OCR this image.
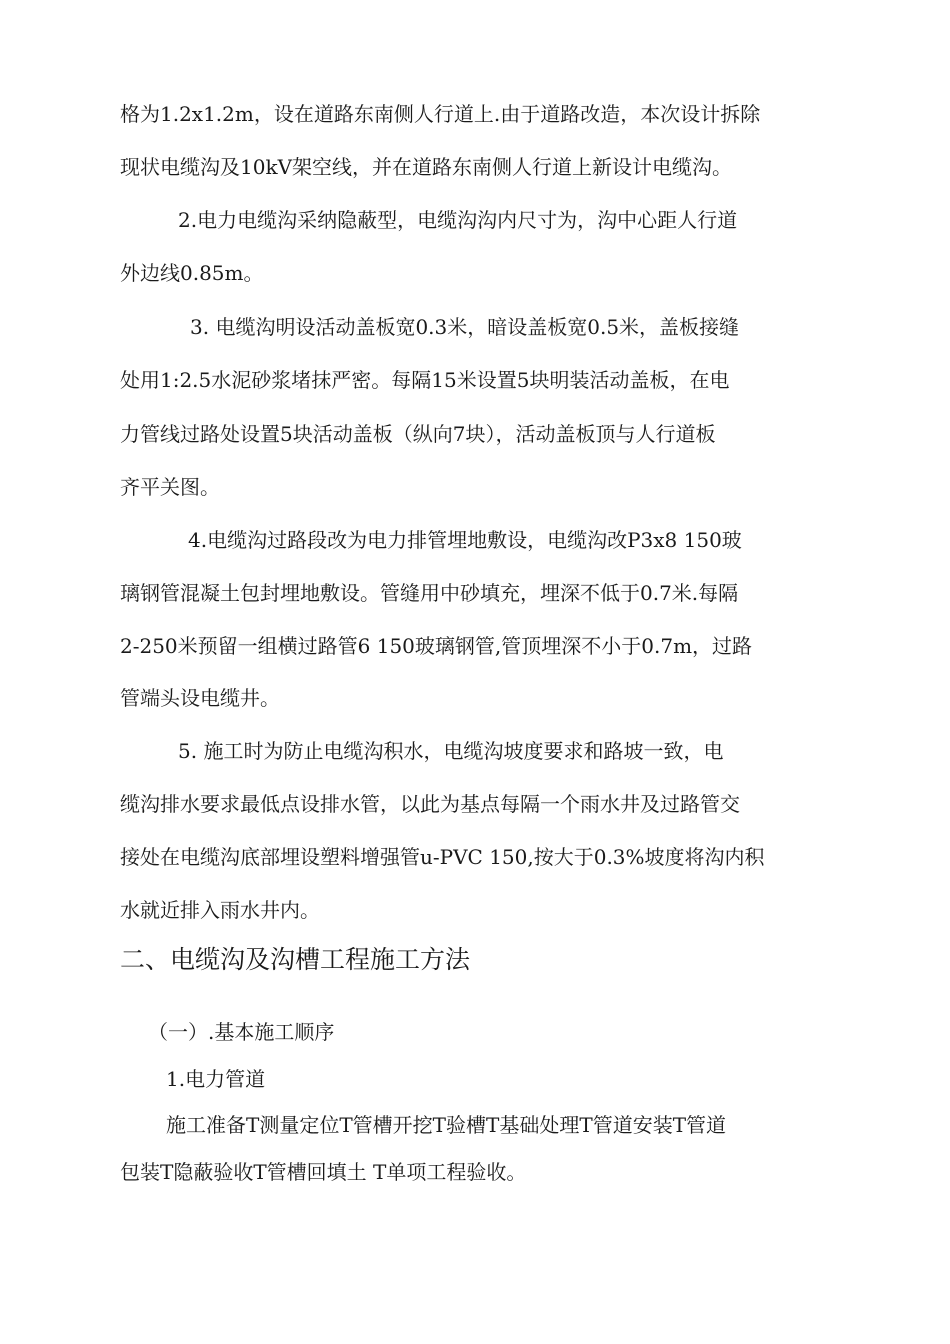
格为1.2x1.2m，设在道路东南侧人行道上.由于道路改造，本次设计拆除
现状电缆沟及10kV架空线，并在道路东南侧人行道上新设计电缆沟。
2.电力电缆沟采纳隐蔽型，电缆沟沟内尺寸为，沟中心距人行道
外边线0.85m。
3. 电缆沟明设活动盖板宽0.3米，暗设盖板宽0.5米，盖板接缝
处用1:2.5水泥砂浆堵抹严密。每隔15米设置5块明装活动盖板，在电
力管线过路处设置5块活动盖板（纵向7块），活动盖板顶与人行道板
齐平关图。
4.电缆沟过路段改为电力排管埋地敷设，电缆沟改P3x8 150玻
璃钢管混凝土包封埋地敷设。管缝用中砂填充，埋深不低于0.7米.每隔
2-250米预留一组横过路管6 150玻璃钢管,管顶埋深不小于0.7m，过路
管端头设电缆井。
5. 施工时为防止电缆沟积水，电缆沟坡度要求和路坡一致，电
缆沟排水要求最低点设排水管，以此为基点每隔一个雨水井及过路管交
接处在电缆沟底部埋设塑料增强管u-PVC 150,按大于0.3%坡度将沟内积
水就近排入雨水井内。
二、电缆沟及沟槽工程施工方法
（一）.基本施工顺序
1.电力管道
施工准备T测量定位T管槽开挖T验槽T基础处理T管道安装T管道
包装T隐蔽验收T管槽回填土 T单项工程验收。
